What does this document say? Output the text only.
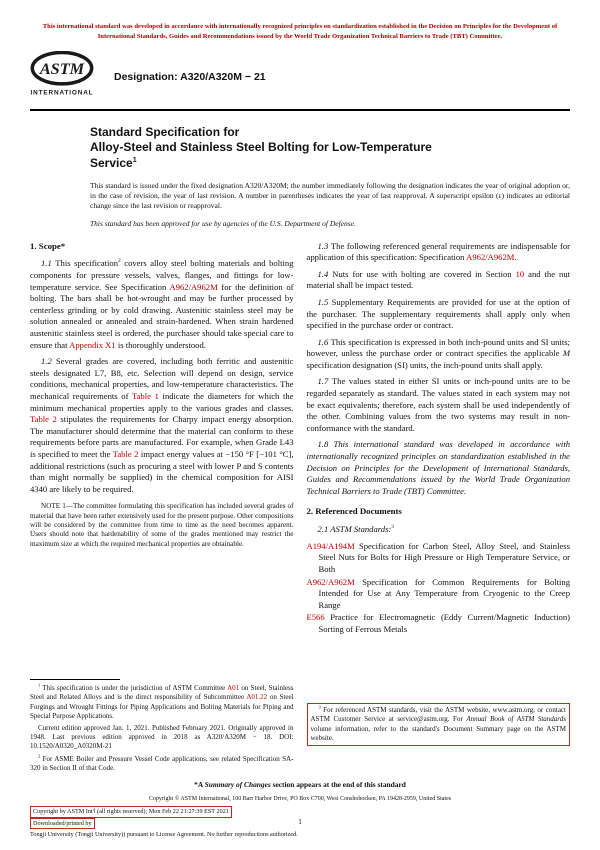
This international standard was developed in accordance with internationally recognized principles on standardization established in the Decision on Principles for the Development of International Standards, Guides and Recommendations issued by the World Trade Organization Technical Barriers to Trade (TBT) Committee.
ASTM
INTERNATIONAL
Designation: A320/A320M − 21
Standard Specification for
Alloy-Steel and Stainless Steel Bolting for Low-Temperature
Service$^1$
This standard is issued under the fixed designation A320/A320M; the number immediately following the designation indicates the year of original adoption or, in the case of revision, the year of last revision. A number in parentheses indicates the year of last reapproval. A superscript epsilon (ε) indicates an editorial change since the last revision or reapproval.
This standard has been approved for use by agencies of the U.S. Department of Defense.
1. Scope*

1.1 This specification$^2$ covers alloy steel bolting materials and bolting components for pressure vessels, valves, flanges, and fittings for low-temperature service. See Specification A962/A962M for the definition of bolting. The bars shall be hot-wrought and may be further processed by centerless grinding or by cold drawing. Austenitic stainless steel may be solution annealed or annealed and strain-hardened. When strain hardened austenitic stainless steel is ordered, the purchaser should take special care to ensure that Appendix X1 is thoroughly understood.

1.2 Several grades are covered, including both ferritic and austenitic steels designated L7, B8, etc. Selection will depend on design, service conditions, mechanical properties, and low-temperature characteristics. The mechanical requirements of Table 1 indicate the diameters for which the minimum mechanical properties apply to the various grades and classes. Table 2 stipulates the requirements for Charpy impact energy absorption. The manufacturer should determine that the material can conform to these requirements before parts are manufactured. For example, when Grade L43 is specified to meet the Table 2 impact energy values at −150 °F [−101 °C], additional restrictions (such as procuring a steel with lower P and S contents than might normally be supplied) in the chemical composition for AISI 4340 are likely to be required.

NOTE 1—The committee formulating this specification has included several grades of material that have been rather extensively used for the present purpose. Other compositions will be considered by the committee from time to time as the need becomes apparent. Users should note that hardenability of some of the grades mentioned may restrict the maximum size at which the required mechanical properties are obtainable.

$^1$ This specification is under the jurisdiction of ASTM Committee A01 on Steel, Stainless Steel and Related Alloys and is the direct responsibility of Subcommittee A01.22 on Steel Forgings and Wrought Fittings for Piping Applications and Bolting Materials for Piping and Special Purpose Applications.

Current edition approved Jan. 1, 2021. Published February 2021. Originally approved in 1948. Last previous edition approved in 2018 as A320/A320M − 18. DOI: 10.1520/A0320_A0320M-21

$^2$ For ASME Boiler and Pressure Vessel Code applications, see related Specification SA-320 in Section II of that Code.

1.3 The following referenced general requirements are indispensable for application of this specification: Specification A962/A962M.

1.4 Nuts for use with bolting are covered in Section 10 and the nut material shall be impact tested.

1.5 Supplementary Requirements are provided for use at the option of the purchaser. The supplementary requirements shall apply only when specified in the purchase order or contract.

1.6 This specification is expressed in both inch-pound units and SI units; however, unless the purchase order or contract specifies the applicable M specification designation (SI) units, the inch-pound units shall apply.

1.7 The values stated in either SI units or inch-pound units are to be regarded separately as standard. The values stated in each system may not be exact equivalents; therefore, each system shall be used independently of the other. Combining values from the two systems may result in non-conformance with the standard.

1.8 This international standard was developed in accordance with internationally recognized principles on standardization established in the Decision on Principles for the Development of International Standards, Guides and Recommendations issued by the World Trade Organization Technical Barriers to Trade (TBT) Committee.

2. Referenced Documents

2.1 ASTM Standards:$^3$

A194/A194M Specification for Carbon Steel, Alloy Steel, and Stainless Steel Nuts for Bolts for High Pressure or High Temperature Service, or Both

A962/A962M Specification for Common Requirements for Bolting Intended for Use at Any Temperature from Cryogenic to the Creep Range

E566 Practice for Electromagnetic (Eddy Current/Magnetic Induction) Sorting of Ferrous Metals

$^3$ For referenced ASTM standards, visit the ASTM website, www.astm.org, or contact ASTM Customer Service at service@astm.org. For Annual Book of ASTM Standards volume information, refer to the standard's Document Summary page on the ASTM website.

*A Summary of Changes section appears at the end of this standard
Copyright © ASTM International, 100 Barr Harbor Drive, PO Box C700, West Conshohocken, PA 19428-2959, United States
Copyright by ASTM Int'l (all rights reserved); Mon Feb 22 21:27:39 EST 2021
Downloaded/printed by
Tongji University (Tongji University)) pursuant to License Agreement. No further reproductions authorized.
1
